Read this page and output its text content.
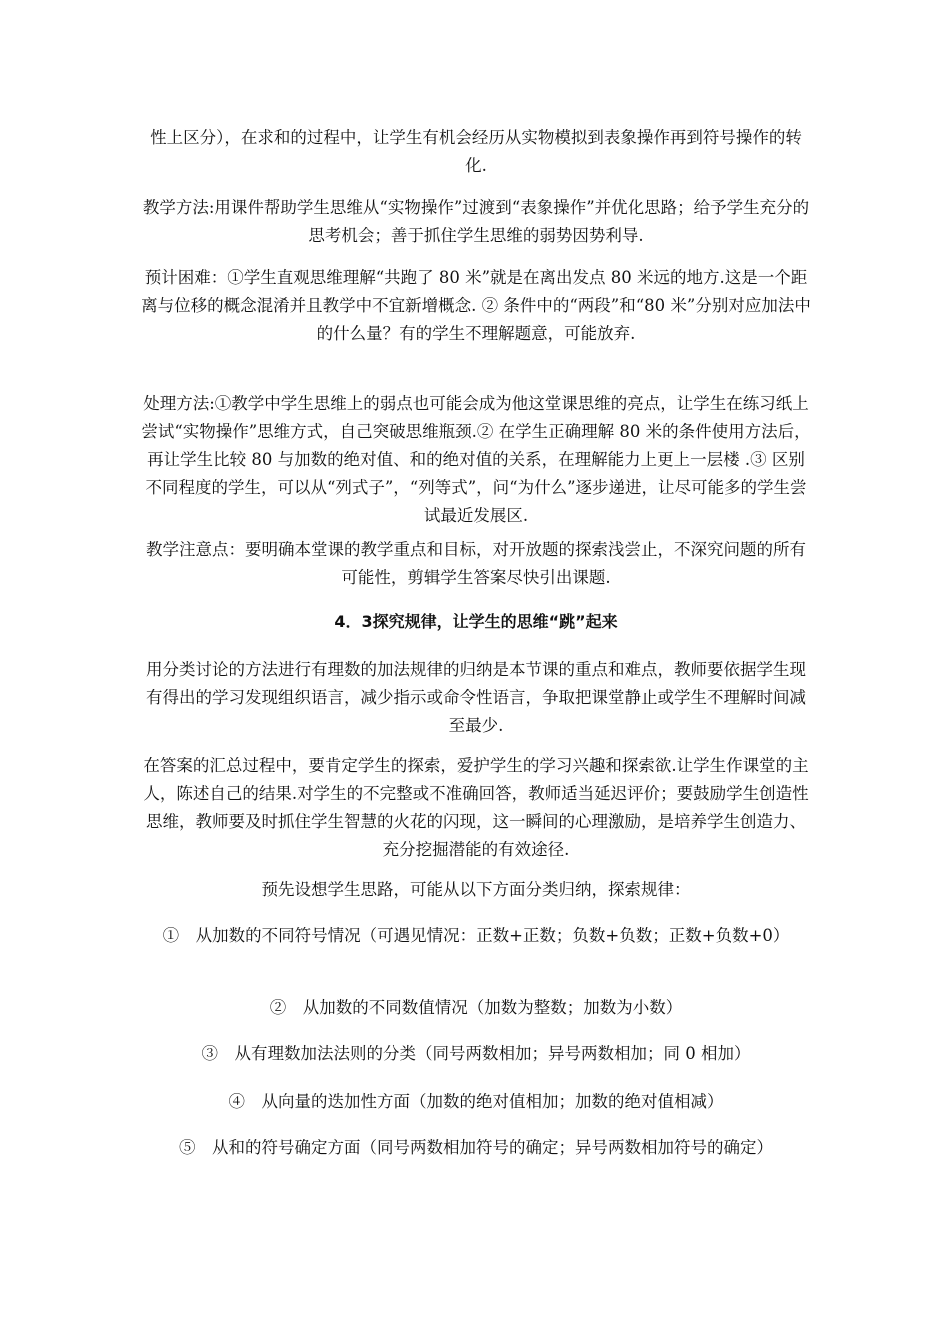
性上区分），在求和的过程中，让学生有机会经历从实物模拟到表象操作再到符号操作的转化.

教学方法:用课件帮助学生思维从“实物操作”过渡到“表象操作”并优化思路；给予学生充分的思考机会；善于抓住学生思维的弱势因势利导.

预计困难：①学生直观思维理解“共跑了 80 米”就是在离出发点 80 米远的地方.这是一个距离与位移的概念混淆并且教学中不宜新增概念. ② 条件中的“两段”和“80 米”分别对应加法中的什么量？有的学生不理解题意，可能放弃.

处理方法:①教学中学生思维上的弱点也可能会成为他这堂课思维的亮点，让学生在练习纸上尝试“实物操作”思维方式，自己突破思维瓶颈.② 在学生正确理解 80 米的条件使用方法后，再让学生比较 80 与加数的绝对值、和的绝对值的关系，在理解能力上更上一层楼 .③ 区别不同程度的学生，可以从“列式子”，“列等式”，问“为什么”逐步递进，让尽可能多的学生尝试最近发展区.

教学注意点：要明确本堂课的教学重点和目标，对开放题的探索浅尝止，不深究问题的所有可能性，剪辑学生答案尽快引出课题.

4．3探究规律，让学生的思维“跳”起来

用分类讨论的方法进行有理数的加法规律的归纳是本节课的重点和难点，教师要依据学生现有得出的学习发现组织语言，减少指示或命令性语言，争取把课堂静止或学生不理解时间减至最少.

在答案的汇总过程中，要肯定学生的探索，爱护学生的学习兴趣和探索欲.让学生作课堂的主人，陈述自己的结果.对学生的不完整或不准确回答，教师适当延迟评价；要鼓励学生创造性思维，教师要及时抓住学生智慧的火花的闪现，这一瞬间的心理激励，是培养学生创造力、充分挖掘潜能的有效途径.

预先设想学生思路，可能从以下方面分类归纳，探索规律：

①　从加数的不同符号情况（可遇见情况：正数+正数；负数+负数；正数+负数+0）

②　从加数的不同数值情况（加数为整数；加数为小数）

③　从有理数加法法则的分类（同号两数相加；异号两数相加；同 0 相加）

④　从向量的迭加性方面（加数的绝对值相加；加数的绝对值相减）

⑤　从和的符号确定方面（同号两数相加符号的确定；异号两数相加符号的确定）
